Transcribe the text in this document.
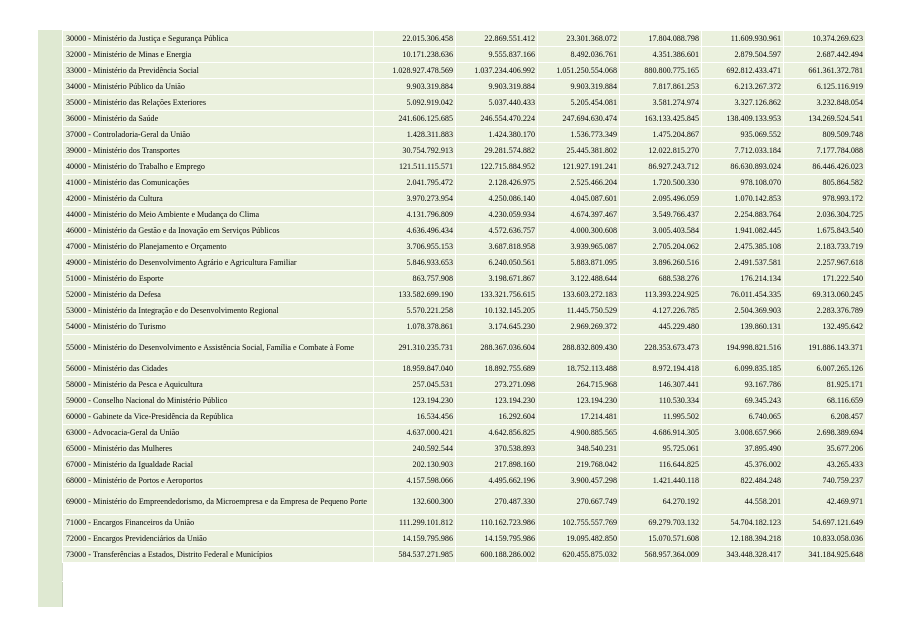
30000 - Ministério da Justiça e Segurança Pública	22.015.306.458	22.869.551.412	23.301.368.072	17.804.088.798	11.609.930.961	10.374.269.623
32000 - Ministério de Minas e Energia	10.171.238.636	9.555.837.166	8.492.036.761	4.351.386.601	2.879.504.597	2.687.442.494
33000 - Ministério da Previdência Social	1.028.927.478.569	1.037.234.406.992	1.051.250.554.068	880.800.775.165	692.812.433.471	661.361.372.781
34000 - Ministério Público da União	9.903.319.884	9.903.319.884	9.903.319.884	7.817.861.253	6.213.267.372	6.125.116.919
35000 - Ministério das Relações Exteriores	5.092.919.042	5.037.440.433	5.205.454.081	3.581.274.974	3.327.126.862	3.232.848.054
36000 - Ministério da Saúde	241.606.125.685	246.554.470.224	247.694.630.474	163.133.425.845	138.409.133.953	134.269.524.541
37000 - Controladoria-Geral da União	1.428.311.883	1.424.380.170	1.536.773.349	1.475.204.867	935.069.552	809.509.748
39000 - Ministério dos Transportes	30.754.792.913	29.281.574.882	25.445.381.802	12.022.815.270	7.712.033.184	7.177.784.088
40000 - Ministério do Trabalho e Emprego	121.511.115.571	122.715.884.952	121.927.191.241	86.927.243.712	86.630.893.024	86.446.426.023
41000 - Ministério das Comunicações	2.041.795.472	2.128.426.975	2.525.466.204	1.720.500.330	978.108.070	805.864.582
42000 - Ministério da Cultura	3.970.273.954	4.250.086.140	4.045.087.601	2.095.496.059	1.070.142.853	978.993.172
44000 - Ministério do Meio Ambiente e Mudança do Clima	4.131.796.809	4.230.059.934	4.674.397.467	3.549.766.437	2.254.883.764	2.036.304.725
46000 - Ministério da Gestão e da Inovação em Serviços Públicos	4.636.496.434	4.572.636.757	4.000.300.608	3.005.403.584	1.941.082.445	1.675.843.540
47000 - Ministério do Planejamento e Orçamento	3.706.955.153	3.687.818.958	3.939.965.087	2.705.204.062	2.475.385.108	2.183.733.719
49000 - Ministério do Desenvolvimento Agrário e Agricultura Familiar	5.846.933.653	6.240.050.561	5.883.871.095	3.896.260.516	2.491.537.581	2.257.967.618
51000 - Ministério do Esporte	863.757.908	3.198.671.867	3.122.488.644	688.538.276	176.214.134	171.222.540
52000 - Ministério da Defesa	133.582.699.190	133.321.756.615	133.603.272.183	113.393.224.925	76.011.454.335	69.313.060.245
53000 - Ministério da Integração e do Desenvolvimento Regional	5.570.221.258	10.132.145.205	11.445.750.529	4.127.226.785	2.504.369.903	2.283.376.789
54000 - Ministério do Turismo	1.078.378.861	3.174.645.230	2.969.269.372	445.229.480	139.860.131	132.495.642
55000 - Ministério do Desenvolvimento e Assistência Social, Família e Combate à Fome	291.310.235.731	288.367.036.604	288.832.809.430	228.353.673.473	194.998.821.516	191.886.143.371
56000 - Ministério das Cidades	18.959.847.040	18.892.755.689	18.752.113.488	8.972.194.418	6.099.835.185	6.007.265.126
58000 - Ministério da Pesca e Aquicultura	257.045.531	273.271.098	264.715.968	146.307.441	93.167.786	81.925.171
59000 - Conselho Nacional do Ministério Público	123.194.230	123.194.230	123.194.230	110.530.334	69.345.243	68.116.659
60000 - Gabinete da Vice-Presidência da República	16.534.456	16.292.604	17.214.481	11.995.502	6.740.065	6.208.457
63000 - Advocacia-Geral da União	4.637.000.421	4.642.856.825	4.900.885.565	4.686.914.305	3.008.657.966	2.698.389.694
65000 - Ministério das Mulheres	240.592.544	370.538.893	348.540.231	95.725.061	37.895.490	35.677.206
67000 - Ministério da Igualdade Racial	202.130.903	217.898.160	219.768.042	116.644.825	45.376.002	43.265.433
68000 - Ministério de Portos e Aeroportos	4.157.598.066	4.495.662.196	3.900.457.298	1.421.440.118	822.484.248	740.759.237
69000 - Ministério do Empreendedorismo, da Microempresa e da Empresa de Pequeno Porte	132.600.300	270.487.330	270.667.749	64.270.192	44.558.201	42.469.971
71000 - Encargos Financeiros da União	111.299.101.812	110.162.723.986	102.755.557.769	69.279.703.132	54.704.182.123	54.697.121.649
72000 - Encargos Previdenciários da União	14.159.795.986	14.159.795.986	19.095.482.850	15.070.571.608	12.188.394.218	10.833.058.036
73000 - Transferências a Estados, Distrito Federal e Municípios	584.537.271.985	600.188.286.002	620.455.875.032	568.957.364.009	343.448.328.417	341.184.925.648
